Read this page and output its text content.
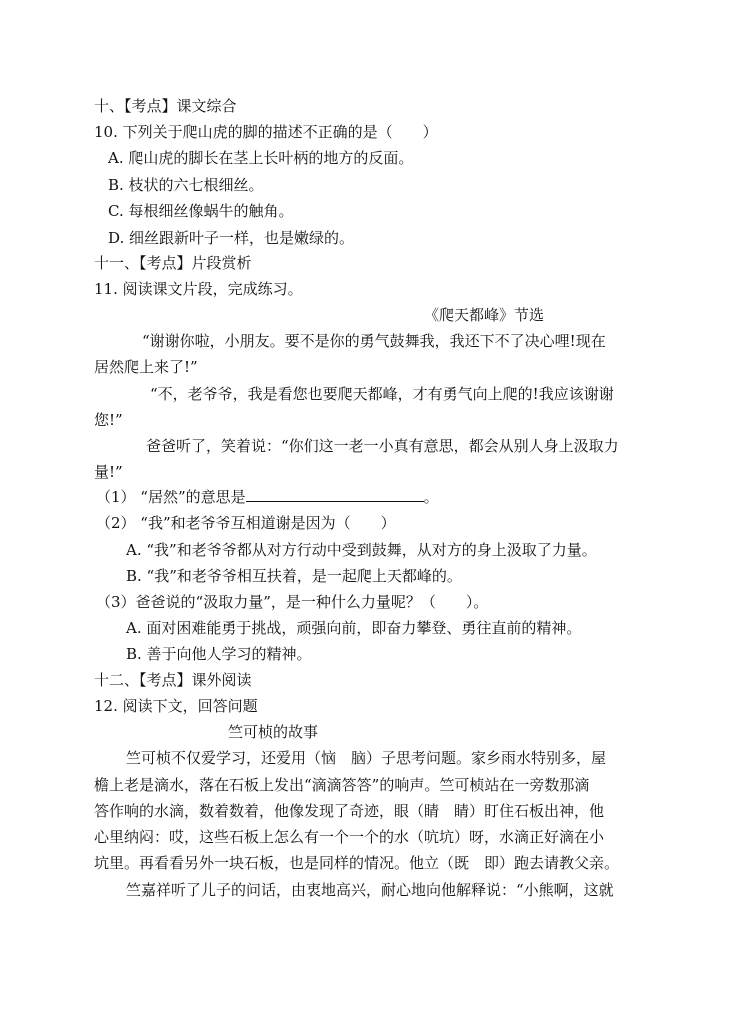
十、【考点】课文综合
10. 下列关于爬山虎的脚的描述不正确的是（　　）
A. 爬山虎的脚长在茎上长叶柄的地方的反面。
B. 枝状的六七根细丝。
C. 每根细丝像蜗牛的触角。
D. 细丝跟新叶子一样，也是嫩绿的。
十一、【考点】片段赏析
11. 阅读课文片段，完成练习。
《爬天都峰》节选
“谢谢你啦，小朋友。要不是你的勇气鼓舞我，我还下不了决心哩!现在
居然爬上来了!”
“不，老爷爷，我是看您也要爬天都峰，才有勇气向上爬的!我应该谢谢
您!”
爸爸听了，笑着说：“你们这一老一小真有意思，都会从别人身上汲取力
量!”
（1） “居然”的意思是	。
（2） “我”和老爷爷互相道谢是因为（　　）
A. “我”和老爷爷都从对方行动中受到鼓舞，从对方的身上汲取了力量。
B. “我”和老爷爷相互扶着，是一起爬上天都峰的。
（3）爸爸说的“汲取力量”，是一种什么力量呢？（　　）。
A. 面对困难能勇于挑战，顽强向前，即奋力攀登、勇往直前的精神。
B. 善于向他人学习的精神。
十二、【考点】课外阅读
12. 阅读下文，回答问题
竺可桢的故事
竺可桢不仅爱学习，还爱用（恼　脑）子思考问题。家乡雨水特别多，屋
檐上老是滴水，落在石板上发出“滴滴答答”的响声。竺可桢站在一旁数那滴
答作响的水滴，数着数着，他像发现了奇迹，眼（睛　睛）盯住石板出神，他
心里纳闷：哎，这些石板上怎么有一个一个的水（吭坑）呀，水滴正好滴在小
坑里。再看看另外一块石板，也是同样的情况。他立（既　即）跑去请教父亲。
竺嘉祥听了儿子的问话，由衷地高兴，耐心地向他解释说：“小熊啊，这就
